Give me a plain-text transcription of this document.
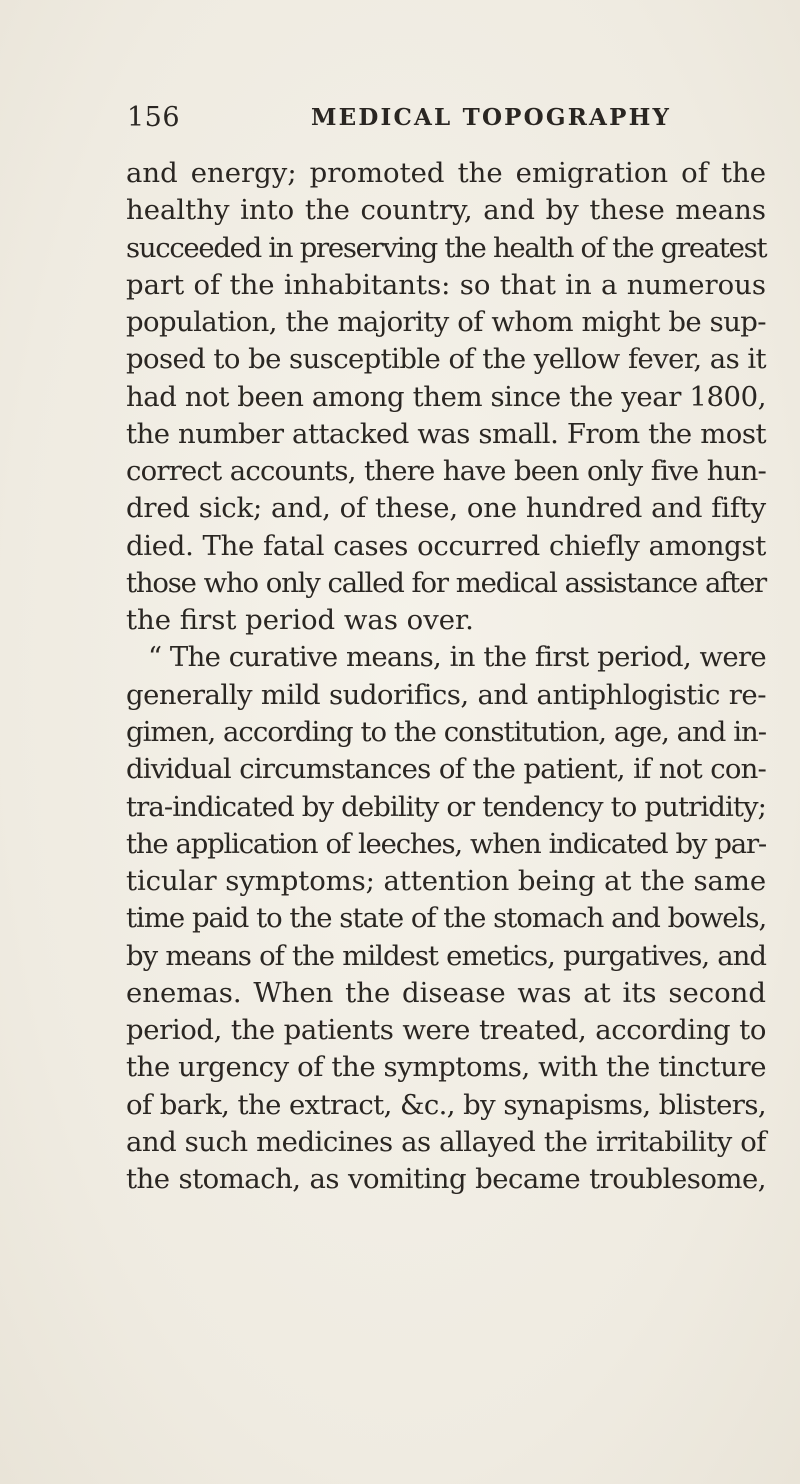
156	MEDICAL TOPOGRAPHY
and energy; promoted the emigration of the
healthy into the country, and by these means
succeeded in preserving the health of the greatest
part of the inhabitants: so that in a numerous
population, the majority of whom might be sup-
posed to be susceptible of the yellow fever, as it
had not been among them since the year 1800,
the number attacked was small. From the most
correct accounts, there have been only five hun-
dred sick; and, of these, one hundred and fifty
died. The fatal cases occurred chiefly amongst
those who only called for medical assistance after
the first period was over.
“ The curative means, in the first period, were
generally mild sudorifics, and antiphlogistic re-
gimen, according to the constitution, age, and in-
dividual circumstances of the patient, if not con-
tra-indicated by debility or tendency to putridity;
the application of leeches, when indicated by par-
ticular symptoms; attention being at the same
time paid to the state of the stomach and bowels,
by means of the mildest emetics, purgatives, and
enemas. When the disease was at its second
period, the patients were treated, according to
the urgency of the symptoms, with the tincture
of bark, the extract, &c., by synapisms, blisters,
and such medicines as allayed the irritability of
the stomach, as vomiting became troublesome,
